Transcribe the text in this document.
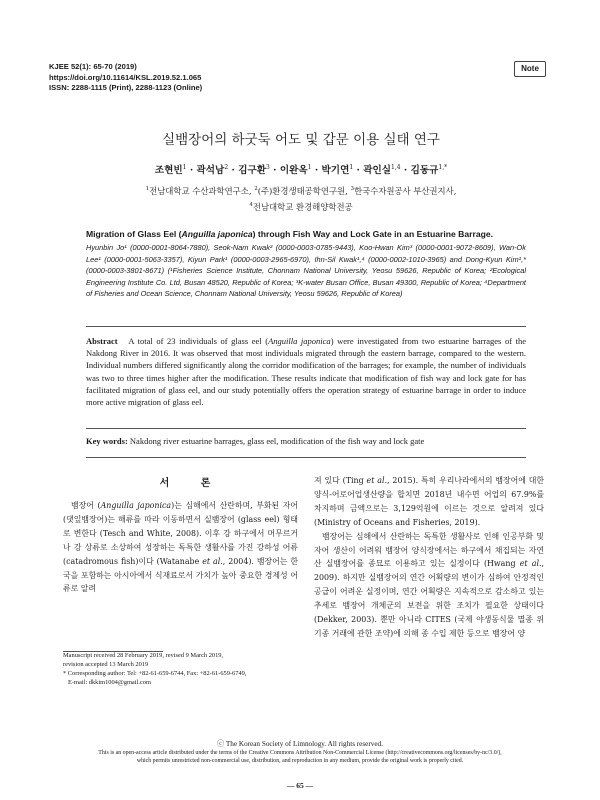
KJEE 52(1): 65-70 (2019)
https://doi.org/10.11614/KSL.2019.52.1.065
ISSN: 2288-1115 (Print), 2288-1123 (Online)
Note
실뱀장어의 하굿둑 어도 및 갑문 이용 실태 연구
조현빈$^1$ · 곽석남$^2$ · 김구환$^3$ · 이완옥$^1$ · 박기연$^1$ · 곽인실$^{1,4}$ · 김동규$^{1,*}$
$^1$전남대학교 수산과학연구소, $^2$(주)환경생태공학연구원, $^3$한국수자원공사 부산권지사,
$^4$전남대학교 환경해양학전공
Migration of Glass Eel (Anguilla japonica) through Fish Way and Lock Gate in an Estuarine Barrage.
Hyunbin Jo¹ (0000-0001-8064-7880), Seok-Nam Kwak² (0000-0003-0785-9443), Koo-Hwan Kim³ (0000-0001-9072-8609), Wan-Ok Lee¹ (0000-0001-5063-3357), Kiyun Park¹ (0000-0003-2965-6970), Ihn-Sil Kwak¹,⁴ (0000-0002-1010-3965) and Dong-Kyun Kim¹,* (0000-0003-3801-8671) (¹Fisheries Science Institute, Chonnam National University, Yeosu 59626, Republic of Korea; ²Ecological Engineering Institute Co. Ltd, Busan 48520, Republic of Korea; ³K-water Busan Office, Busan 49300, Republic of Korea; ⁴Department of Fisheries and Ocean Science, Chonnam National University, Yeosu 59626, Republic of Korea)
Abstract A total of 23 individuals of glass eel (Anguilla japonica) were investigated from two estuarine barrages of the Nakdong River in 2016. It was observed that most individuals migrated through the eastern barrage, compared to the western. Individual numbers differed significantly along the corridor modification of the barrages; for example, the number of individuals was two to three times higher after the modification. These results indicate that modification of fish way and lock gate for has facilitated migration of glass eel, and our study potentially offers the operation strategy of estuarine barrage in order to induce more active migration of glass eel.
Key words: Nakdong river estuarine barrages, glass eel, modification of the fish way and lock gate
서 론

뱀장어 (Anguilla japonica)는 심해에서 산란하며, 부화된 자어 (댓잎뱀장어)는 해류를 따라 이동하면서 실뱀장어 (glass eel) 형태로 변한다 (Tesch and White, 2008). 이후 강 하구에서 머무르거나 강 상류로 소상하여 성장하는 독특한 생활사를 가진 강하성 어류 (catadromous fish)이다 (Watanabe et al., 2004). 뱀장어는 한국을 포함하는 아시아에서 식재료로서 가치가 높아 중요한 경제성 어류로 알려

져 있다 (Ting et al., 2015). 특히 우리나라에서의 뱀장어에 대한 양식-어로어업생산량을 합치면 2018년 내수면 어업의 67.9%를 차지하며 금액으로는 3,129억원에 이르는 것으로 알려져 있다 (Ministry of Oceans and Fisheries, 2019).

뱀장어는 심해에서 산란하는 독특한 생활사로 인해 인공부화 및 자어 생산이 어려워 뱀장어 양식장에서는 하구에서 채집되는 자연산 실뱀장어를 종묘로 이용하고 있는 실정이다 (Hwang et al., 2009). 하지만 실뱀장어의 연간 어획량의 변이가 심하여 안정적인 공급이 어려운 실정이며, 연간 어획량은 지속적으로 감소하고 있는 추세로 뱀장어 개체군의 보전을 위한 조치가 필요한 상태이다 (Dekker, 2003). 뿐만 아니라 CITES (국제 야생동식물 멸종 위기종 거래에 관한 조약)에 의해 종 수입 제한 등으로 뱀장어 양

Manuscript received 28 February 2019, revised 9 March 2019,
revision accepted 13 March 2019
* Corresponding author: Tel: +82-61-659-6744, Fax: +82-61-659-6749,
E-mail: dkkim1004@gmail.com
ⓒ The Korean Society of Limnology. All rights reserved.
This is an open-access article distributed under the terms of the Creative Commons Attribution Non-Commercial License (http://creativecommons.org/licenses/by-nc/3.0/),
which permits unrestricted non-commercial use, distribution, and reproduction in any medium, provide the original work is properly cited.
— 65 —
